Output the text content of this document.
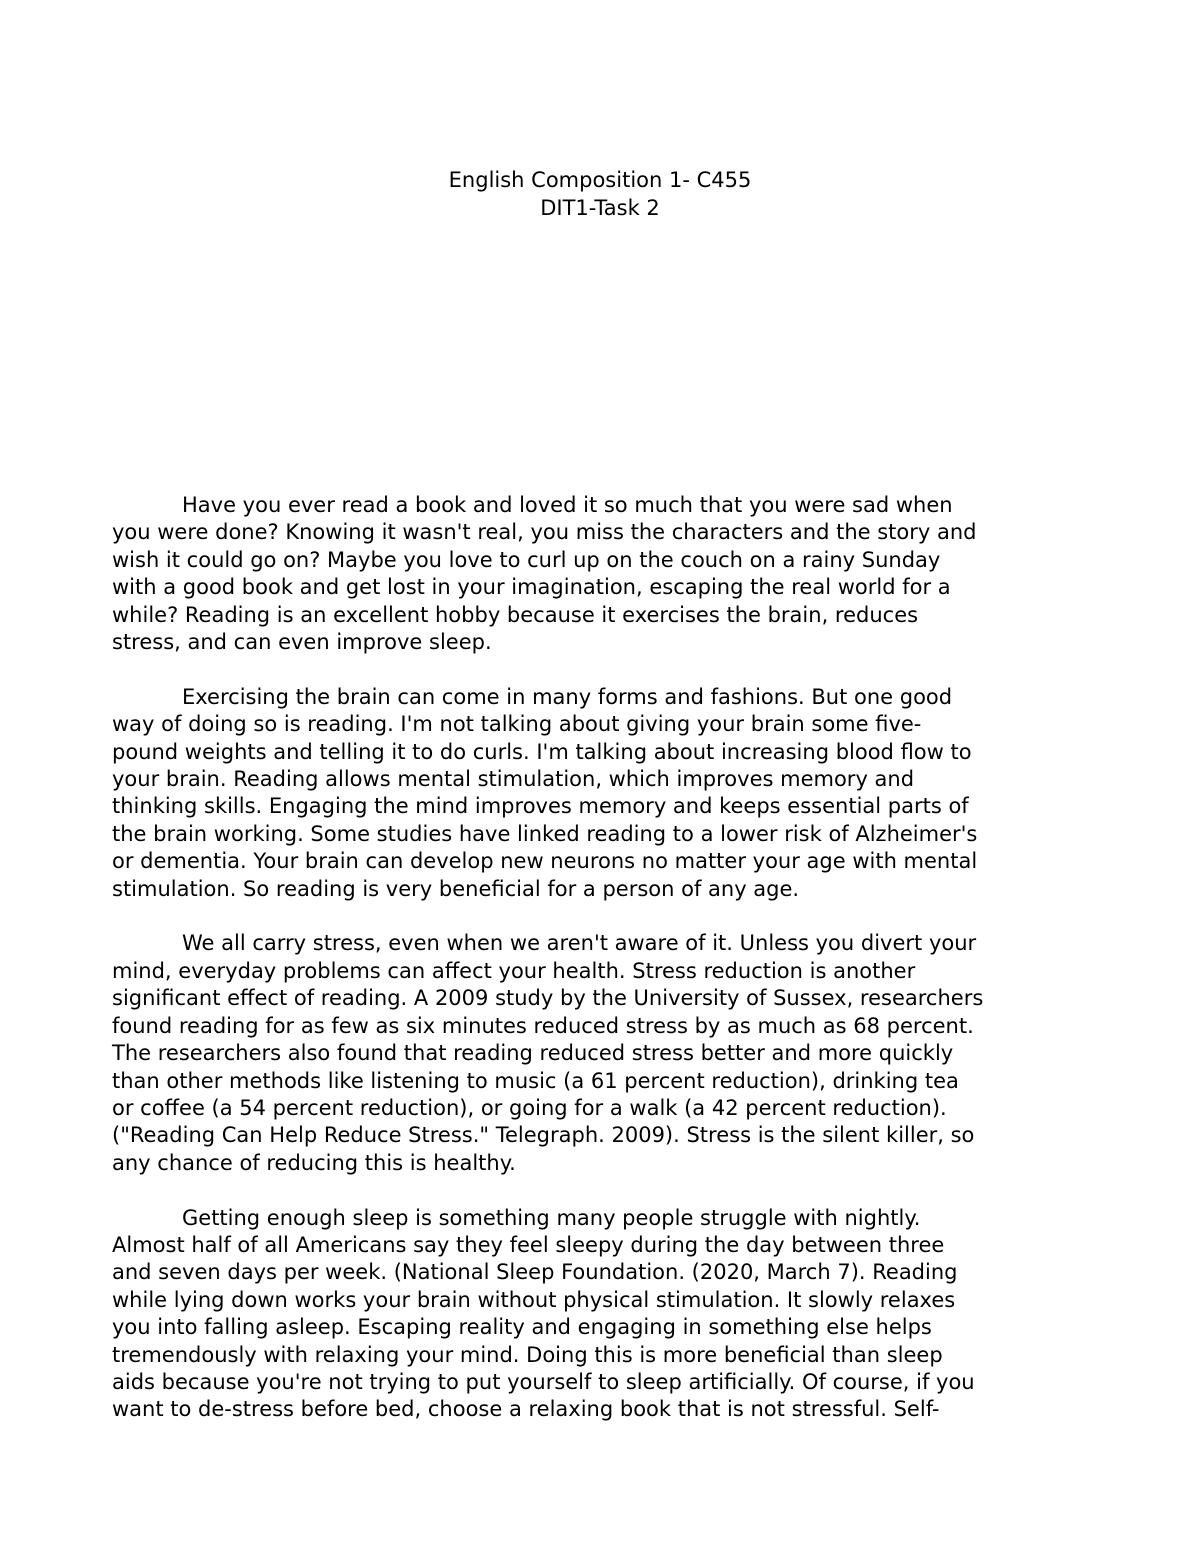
English Composition 1- C455
DIT1-Task 2
Have you ever read a book and loved it so much that you were sad when
you were done? Knowing it wasn't real, you miss the characters and the story and
wish it could go on? Maybe you love to curl up on the couch on a rainy Sunday
with a good book and get lost in your imagination, escaping the real world for a
while? Reading is an excellent hobby because it exercises the brain, reduces
stress, and can even improve sleep.
Exercising the brain can come in many forms and fashions. But one good
way of doing so is reading. I'm not talking about giving your brain some five-
pound weights and telling it to do curls. I'm talking about increasing blood flow to
your brain. Reading allows mental stimulation, which improves memory and
thinking skills. Engaging the mind improves memory and keeps essential parts of
the brain working. Some studies have linked reading to a lower risk of Alzheimer's
or dementia. Your brain can develop new neurons no matter your age with mental
stimulation. So reading is very beneficial for a person of any age.
We all carry stress, even when we aren't aware of it. Unless you divert your
mind, everyday problems can affect your health. Stress reduction is another
significant effect of reading. A 2009 study by the University of Sussex, researchers
found reading for as few as six minutes reduced stress by as much as 68 percent.
The researchers also found that reading reduced stress better and more quickly
than other methods like listening to music (a 61 percent reduction), drinking tea
or coffee (a 54 percent reduction), or going for a walk (a 42 percent reduction).
("Reading Can Help Reduce Stress." Telegraph. 2009). Stress is the silent killer, so
any chance of reducing this is healthy.
Getting enough sleep is something many people struggle with nightly.
Almost half of all Americans say they feel sleepy during the day between three
and seven days per week. (National Sleep Foundation. (2020, March 7). Reading
while lying down works your brain without physical stimulation. It slowly relaxes
you into falling asleep. Escaping reality and engaging in something else helps
tremendously with relaxing your mind. Doing this is more beneficial than sleep
aids because you're not trying to put yourself to sleep artificially. Of course, if you
want to de-stress before bed, choose a relaxing book that is not stressful. Self-
